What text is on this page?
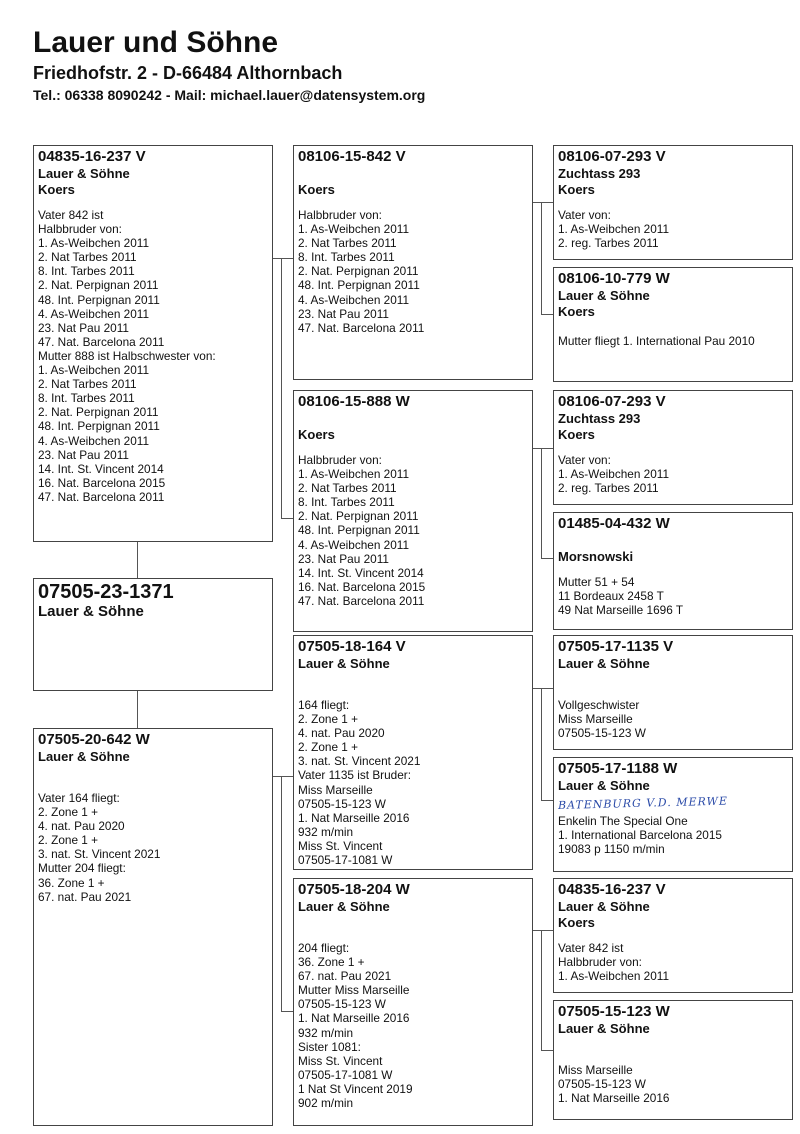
Lauer und Söhne
Friedhofstr. 2 - D-66484 Althornbach
Tel.: 06338 8090242 - Mail: michael.lauer@datensystem.org
04835-16-237 V
Lauer & Söhne
Koers
Vater 842 ist
Halbbruder von:
1. As-Weibchen 2011
2. Nat Tarbes 2011
8. Int. Tarbes 2011
2. Nat. Perpignan 2011
48. Int. Perpignan 2011
4. As-Weibchen 2011
23. Nat Pau 2011
47. Nat. Barcelona 2011
Mutter 888 ist Halbschwester von:
1. As-Weibchen 2011
2. Nat Tarbes 2011
8. Int. Tarbes 2011
2. Nat. Perpignan 2011
48. Int. Perpignan 2011
4. As-Weibchen 2011
23. Nat Pau 2011
14. Int. St. Vincent 2014
16. Nat. Barcelona 2015
47. Nat. Barcelona 2011
07505-23-1371
Lauer & Söhne
07505-20-642 W
Lauer & Söhne
Vater 164 fliegt:
2. Zone 1 +
4. nat. Pau 2020
2. Zone 1 +
3. nat. St. Vincent 2021
Mutter 204 fliegt:
36. Zone 1 +
67. nat. Pau 2021
08106-15-842 V
Koers
Halbbruder von:
1. As-Weibchen 2011
2. Nat Tarbes 2011
8. Int. Tarbes 2011
2. Nat. Perpignan 2011
48. Int. Perpignan 2011
4. As-Weibchen 2011
23. Nat Pau 2011
47. Nat. Barcelona 2011
08106-15-888 W
Koers
Halbbruder von:
1. As-Weibchen 2011
2. Nat Tarbes 2011
8. Int. Tarbes 2011
2. Nat. Perpignan 2011
48. Int. Perpignan 2011
4. As-Weibchen 2011
23. Nat Pau 2011
14. Int. St. Vincent 2014
16. Nat. Barcelona 2015
47. Nat. Barcelona 2011
07505-18-164 V
Lauer & Söhne
164 fliegt:
2. Zone 1 +
4. nat. Pau 2020
2. Zone 1 +
3. nat. St. Vincent 2021
Vater 1135 ist Bruder:
Miss Marseille
07505-15-123 W
1. Nat Marseille 2016
932 m/min
Miss St. Vincent
07505-17-1081 W
07505-18-204 W
Lauer & Söhne
204 fliegt:
36. Zone 1 +
67. nat. Pau 2021
Mutter Miss Marseille
07505-15-123 W
1. Nat Marseille 2016
932 m/min
Sister 1081:
Miss St. Vincent
07505-17-1081 W
1 Nat St Vincent 2019
902 m/min
08106-07-293 V
Zuchtass 293
Koers
Vater von:
1. As-Weibchen 2011
2. reg. Tarbes 2011
08106-10-779 W
Lauer & Söhne
Koers
Mutter fliegt 1. International Pau 2010
08106-07-293 V
Zuchtass 293
Koers
Vater von:
1. As-Weibchen 2011
2. reg. Tarbes 2011
01485-04-432 W
Morsnowski
Mutter 51 + 54
11 Bordeaux 2458 T
49 Nat Marseille 1696 T
07505-17-1135 V
Lauer & Söhne
Vollgeschwister
Miss Marseille
07505-15-123 W
07505-17-1188 W
Lauer & Söhne
BATENBURG V.D. MERWE
Enkelin The Special One
1. International Barcelona 2015
19083 p 1150 m/min
04835-16-237 V
Lauer & Söhne
Koers
Vater 842 ist
Halbbruder von:
1. As-Weibchen 2011
07505-15-123 W
Lauer & Söhne
Miss Marseille
07505-15-123 W
1. Nat Marseille 2016
